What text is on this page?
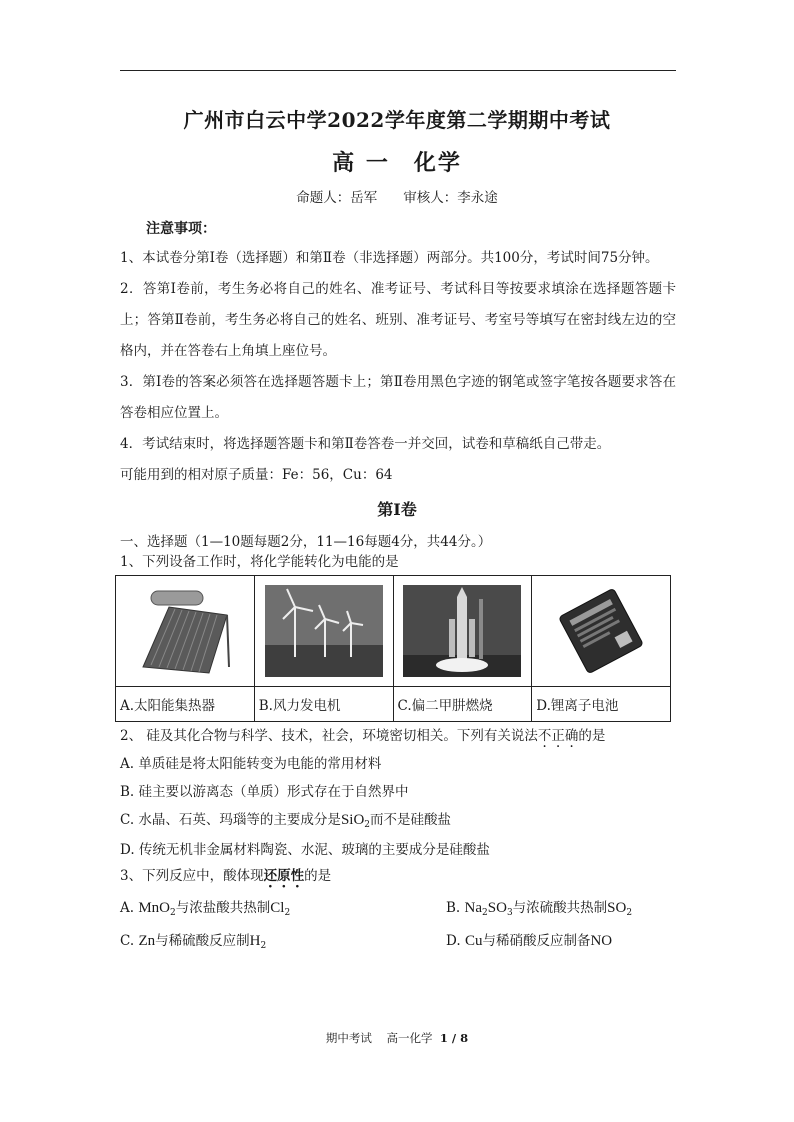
广州市白云中学2022学年度第二学期期中考试
高 一 化学
命题人：岳军 审核人：李永途
注意事项：
1、本试卷分第Ⅰ卷（选择题）和第Ⅱ卷（非选择题）两部分。共100分，考试时间75分钟。
2．答第Ⅰ卷前，考生务必将自己的姓名、准考证号、考试科目等按要求填涂在选择题答题卡上；答第Ⅱ卷前，考生务必将自己的姓名、班别、准考证号、考室号等填写在密封线左边的空格内，并在答卷右上角填上座位号。
3．第Ⅰ卷的答案必须答在选择题答题卡上；第Ⅱ卷用黑色字迹的钢笔或签字笔按各题要求答在答卷相应位置上。
4．考试结束时，将选择题答题卡和第Ⅱ卷答卷一并交回，试卷和草稿纸自己带走。
可能用到的相对原子质量：Fe：56，Cu：64
第Ⅰ卷
一、选择题（1—10题每题2分，11—16每题4分，共44分。）
1、下列设备工作时，将化学能转化为电能的是

A.太阳能集热器	B.风力发电机	C.偏二甲肼燃烧	D.锂离子电池
2、 硅及其化合物与科学、技术，社会，环境密切相关。下列有关说法不正确的是
A. 单质硅是将太阳能转变为电能的常用材料
B. 硅主要以游离态（单质）形式存在于自然界中
C. 水晶、石英、玛瑙等的主要成分是SiO$_2$而不是硅酸盐
D. 传统无机非金属材料陶瓷、水泥、玻璃的主要成分是硅酸盐
3、下列反应中，酸体现还原性的是
A. MnO$_2$与浓盐酸共热制$Cl_2$	B. $Na_2SO_3$与浓硫酸共热制$SO_2$
C. Zn与稀硫酸反应制$H_2$	D. Cu与稀硝酸反应制备NO
期中考试 高一化学 1 / 8
